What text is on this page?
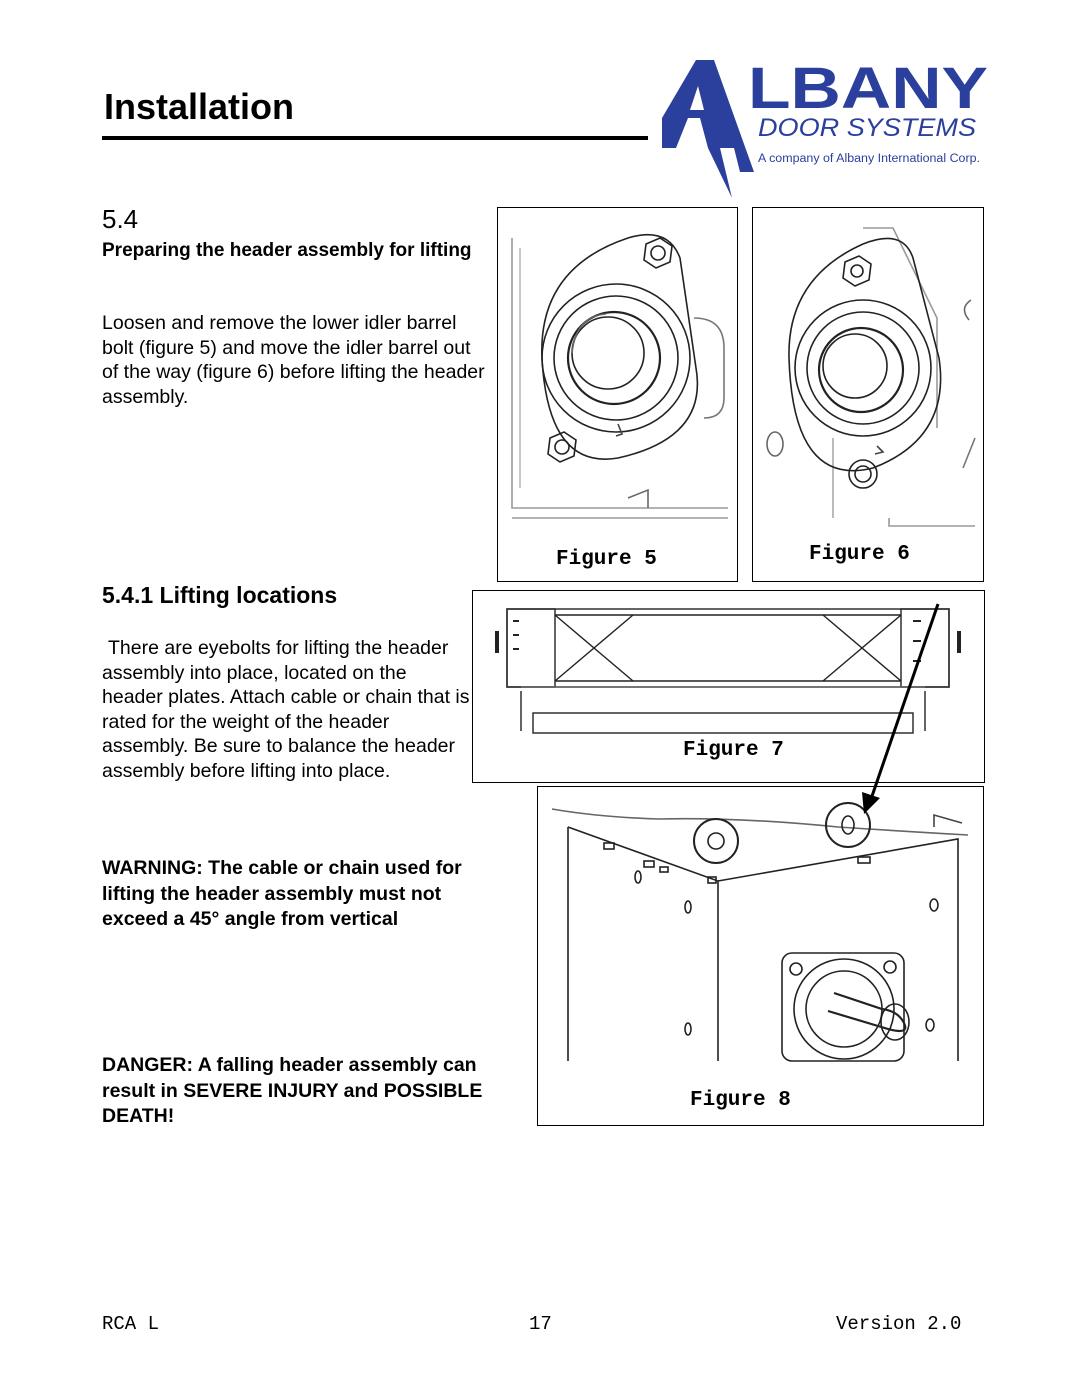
Installation	LBANY
DOOR SYSTEMS
A company of Albany International Corp.
5.4
Preparing the header assembly for lifting

Loosen and remove the lower idler barrel bolt (figure 5) and move the idler barrel out of the way (figure 6) before lifting the header assembly.

5.4.1 Lifting locations

There are eyebolts for lifting the header assembly into place, located on the header plates. Attach cable or chain that is rated for the weight of the header assembly. Be sure to balance the header assembly before lifting into place.

WARNING: The cable or chain used for lifting the header assembly must not exceed a 45° angle from vertical

DANGER: A falling header assembly can result in SEVERE INJURY and POSSIBLE DEATH!

Figure 5	Figure 6
Figure 7
Figure 8
RCA L	17	Version 2.0
